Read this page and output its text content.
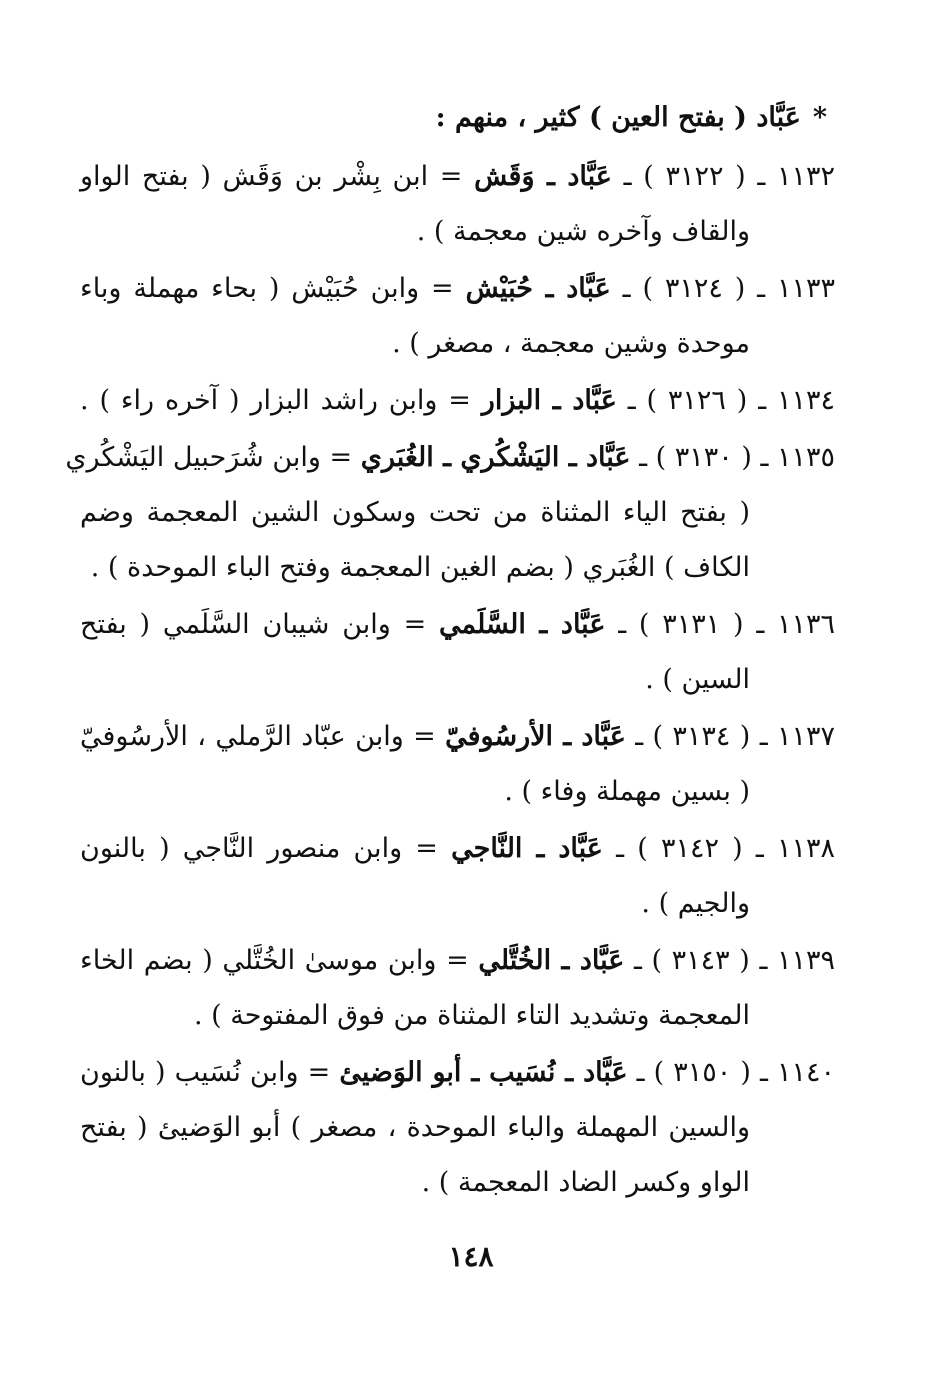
*عَبَّاد ( بفتح العين ) كثير ، منهم :
١١٣٢ ـ ( ٣١٢٢ ) ـ عَبَّاد ـ وَقَش = ابن بِشْر بن وَقَش ( بفتح الواو
والقاف وآخره شين معجمة ) .
١١٣٣ ـ ( ٣١٢٤ ) ـ عَبَّاد ـ حُبَيْش = وابن حُبَيْش ( بحاء مهملة وباء
موحدة وشين معجمة ، مصغر ) .
١١٣٤ ـ ( ٣١٢٦ ) ـ عَبَّاد ـ البزار = وابن راشد البزار ( آخره راء ) .
١١٣٥ ـ ( ٣١٣٠ ) ـ عَبَّاد ـ اليَشْكُري ـ الغُبَري = وابن شُرَحبيل اليَشْكُري
( بفتح الياء المثناة من تحت وسكون الشين المعجمة وضم
الكاف ) الغُبَري ( بضم الغين المعجمة وفتح الباء الموحدة ) .
١١٣٦ ـ ( ٣١٣١ ) ـ عَبَّاد ـ السَّلَمي = وابن شيبان السَّلَمي ( بفتح
السين ) .
١١٣٧ ـ ( ٣١٣٤ ) ـ عَبَّاد ـ الأرسُوفيّ = وابن عبّاد الرَّملي ، الأرسُوفيّ
( بسين مهملة وفاء ) .
١١٣٨ ـ ( ٣١٤٢ ) ـ عَبَّاد ـ النَّاجي = وابن منصور النَّاجي ( بالنون
والجيم ) .
١١٣٩ ـ ( ٣١٤٣ ) ـ عَبَّاد ـ الخُتَّلي = وابن موسىٰ الخُتَّلي ( بضم الخاء
المعجمة وتشديد التاء المثناة من فوق المفتوحة ) .
١١٤٠ ـ ( ٣١٥٠ ) ـ عَبَّاد ـ نُسَيب ـ أبو الوَضيئ = وابن نُسَيب ( بالنون
والسين المهملة والباء الموحدة ، مصغر ) أبو الوَضيئ ( بفتح
الواو وكسر الضاد المعجمة ) .
١٤٨
